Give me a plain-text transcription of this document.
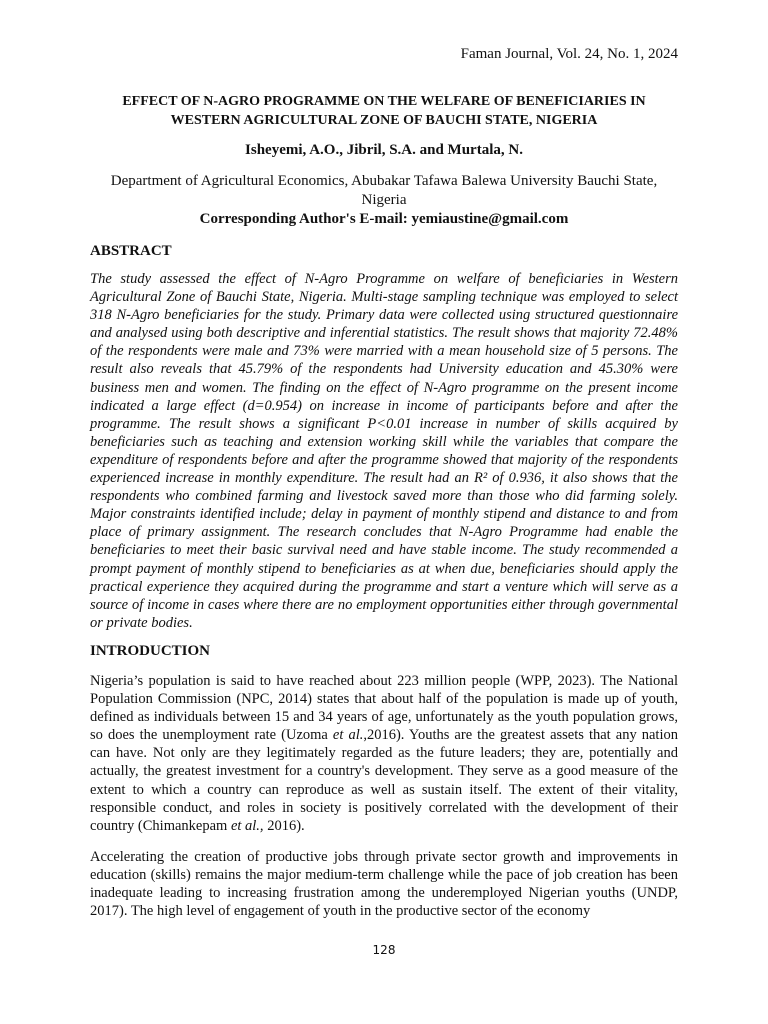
Faman Journal, Vol. 24, No. 1, 2024
EFFECT OF N-AGRO PROGRAMME ON THE WELFARE OF BENEFICIARIES IN WESTERN AGRICULTURAL ZONE OF BAUCHI STATE, NIGERIA
Isheyemi, A.O., Jibril, S.A. and Murtala, N.
Department of Agricultural Economics, Abubakar Tafawa Balewa University Bauchi State, Nigeria
Corresponding Author's E-mail: yemiaustine@gmail.com
ABSTRACT
The study assessed the effect of N-Agro Programme on welfare of beneficiaries in Western Agricultural Zone of Bauchi State, Nigeria. Multi-stage sampling technique was employed to select 318 N-Agro beneficiaries for the study. Primary data were collected using structured questionnaire and analysed using both descriptive and inferential statistics. The result shows that majority 72.48% of the respondents were male and 73% were married with a mean household size of 5 persons. The result also reveals that 45.79% of the respondents had University education and 45.30% were business men and women. The finding on the effect of N-Agro programme on the present income indicated a large effect (d=0.954) on increase in income of participants before and after the programme. The result shows a significant P<0.01 increase in number of skills acquired by beneficiaries such as teaching and extension working skill while the variables that compare the expenditure of respondents before and after the programme showed that majority of the respondents experienced increase in monthly expenditure. The result had an R² of 0.936, it also shows that the respondents who combined farming and livestock saved more than those who did farming solely. Major constraints identified include; delay in payment of monthly stipend and distance to and from place of primary assignment. The research concludes that N-Agro Programme had enable the beneficiaries to meet their basic survival need and have stable income. The study recommended a prompt payment of monthly stipend to beneficiaries as at when due, beneficiaries should apply the practical experience they acquired during the programme and start a venture which will serve as a source of income in cases where there are no employment opportunities either through governmental or private bodies.
INTRODUCTION
Nigeria’s population is said to have reached about 223 million people (WPP, 2023). The National Population Commission (NPC, 2014) states that about half of the population is made up of youth, defined as individuals between 15 and 34 years of age, unfortunately as the youth population grows, so does the unemployment rate (Uzoma et al.,2016). Youths are the greatest assets that any nation can have. Not only are they legitimately regarded as the future leaders; they are, potentially and actually, the greatest investment for a country's development. They serve as a good measure of the extent to which a country can reproduce as well as sustain itself. The extent of their vitality, responsible conduct, and roles in society is positively correlated with the development of their country (Chimankepam et al., 2016).
Accelerating the creation of productive jobs through private sector growth and improvements in education (skills) remains the major medium-term challenge while the pace of job creation has been inadequate leading to increasing frustration among the underemployed Nigerian youths (UNDP, 2017). The high level of engagement of youth in the productive sector of the economy
128
